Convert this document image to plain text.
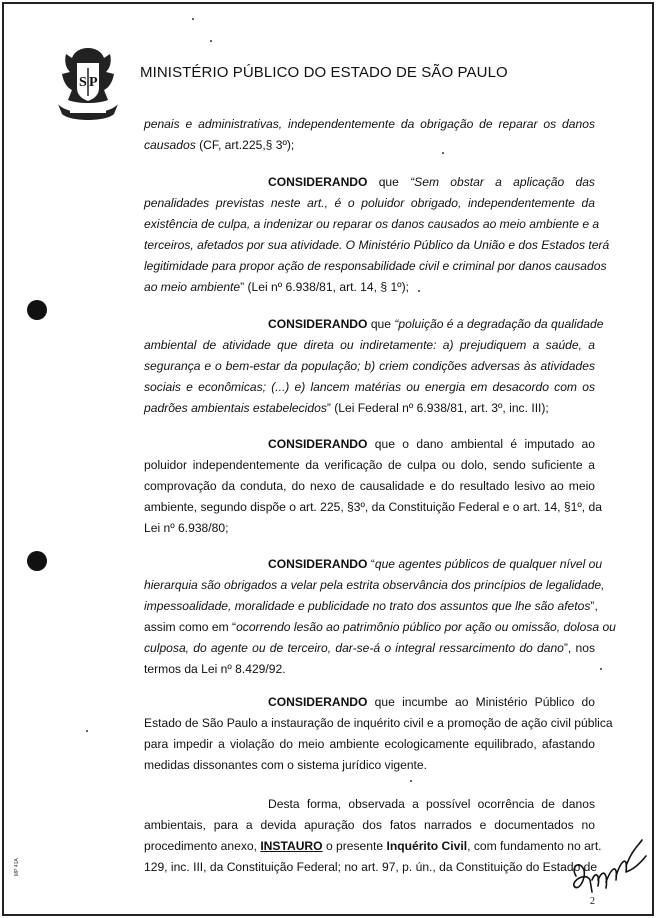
S P
MINISTÉRIO PÚBLICO DO ESTADO DE SÃO PAULO
penais e administrativas, independentemente da obrigação de reparar os danos
causados (CF, art.225,§ 3º);
CONSIDERANDO que “Sem obstar a aplicação das
penalidades previstas neste art., é o poluidor obrigado, independentemente da
existência de culpa, a indenizar ou reparar os danos causados ao meio ambiente e a
terceiros, afetados por sua atividade. O Ministério Público da União e dos Estados terá
legitimidade para propor ação de responsabilidade civil e criminal por danos causados
ao meio ambiente” (Lei nº 6.938/81, art. 14, § 1º);
CONSIDERANDO que “poluição é a degradação da qualidade
ambiental de atividade que direta ou indiretamente: a) prejudiquem a saúde, a
segurança e o bem-estar da população; b) criem condições adversas às atividades
sociais e econômicas; (...) e) lancem matérias ou energia em desacordo com os
padrões ambientais estabelecidos” (Lei Federal nº 6.938/81, art. 3º, inc. III);
CONSIDERANDO que o dano ambiental é imputado ao
poluidor independentemente da verificação de culpa ou dolo, sendo suficiente a
comprovação da conduta, do nexo de causalidade e do resultado lesivo ao meio
ambiente, segundo dispõe o art. 225, §3º, da Constituição Federal e o art. 14, §1º, da
Lei nº 6.938/80;
CONSIDERANDO “que agentes públicos de qualquer nível ou
hierarquia são obrigados a velar pela estrita observância dos princípios de legalidade,
impessoalidade, moralidade e publicidade no trato dos assuntos que lhe são afetos”,
assim como em “ocorrendo lesão ao patrimônio público por ação ou omissão, dolosa ou
culposa, do agente ou de terceiro, dar-se-á o integral ressarcimento do dano”, nos
termos da Lei nº 8.429/92.
CONSIDERANDO que incumbe ao Ministério Público do
Estado de São Paulo a instauração de inquérito civil e a promoção de ação civil pública
para impedir a violação do meio ambiente ecologicamente equilibrado, afastando
medidas dissonantes com o sistema jurídico vigente.
Desta forma, observada a possível ocorrência de danos
ambientais, para a devida apuração dos fatos narrados e documentados no
procedimento anexo, INSTAURO o presente Inquérito Civil, com fundamento no art.
129, inc. III, da Constituição Federal; no art. 97, p. ún., da Constituição do Estado de
MP 41A
2
